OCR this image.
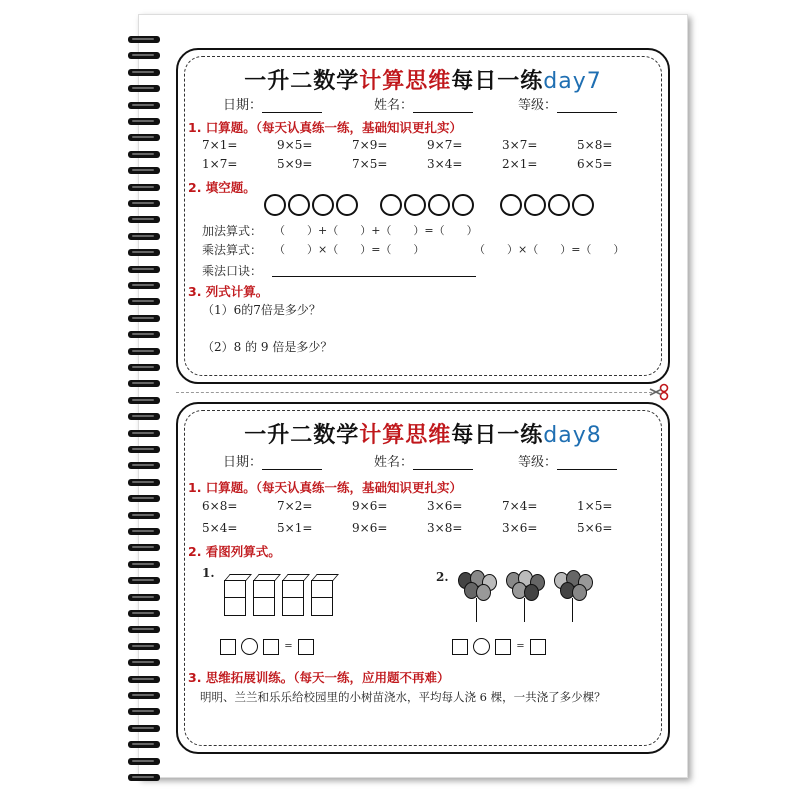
一升二数学计算思维每日一练day7
日期：	姓名：	等级：
1. 口算题。（每天认真练一练，基础知识更扎实）
7×1=	9×5=	7×9=	9×7=	3×7=	5×8=
1×7=	5×9=	7×5=	3×4=	2×1=	6×5=
2. 填空题。
加法算式： （　　）+（　　）+（　　）=（　　）
乘法算式： （　　）×（　　）=（　　）	（　　）×（　　）=（　　）
乘法口诀：
3. 列式计算。
（1）6的7倍是多少？
（2）8 的 9 倍是多少？
一升二数学计算思维每日一练day8
日期：	姓名：	等级：
1. 口算题。（每天认真练一练，基础知识更扎实）
6×8=	7×2=	9×6=	3×6=	7×4=	1×5=
5×4=	5×1=	9×6=	3×8=	3×6=	5×6=
2. 看图列算式。
1.	2.
=	=
3. 思维拓展训练。（每天一练，应用题不再难）
明明、兰兰和乐乐给校园里的小树苗浇水，平均每人浇 6 棵，一共浇了多少棵？
